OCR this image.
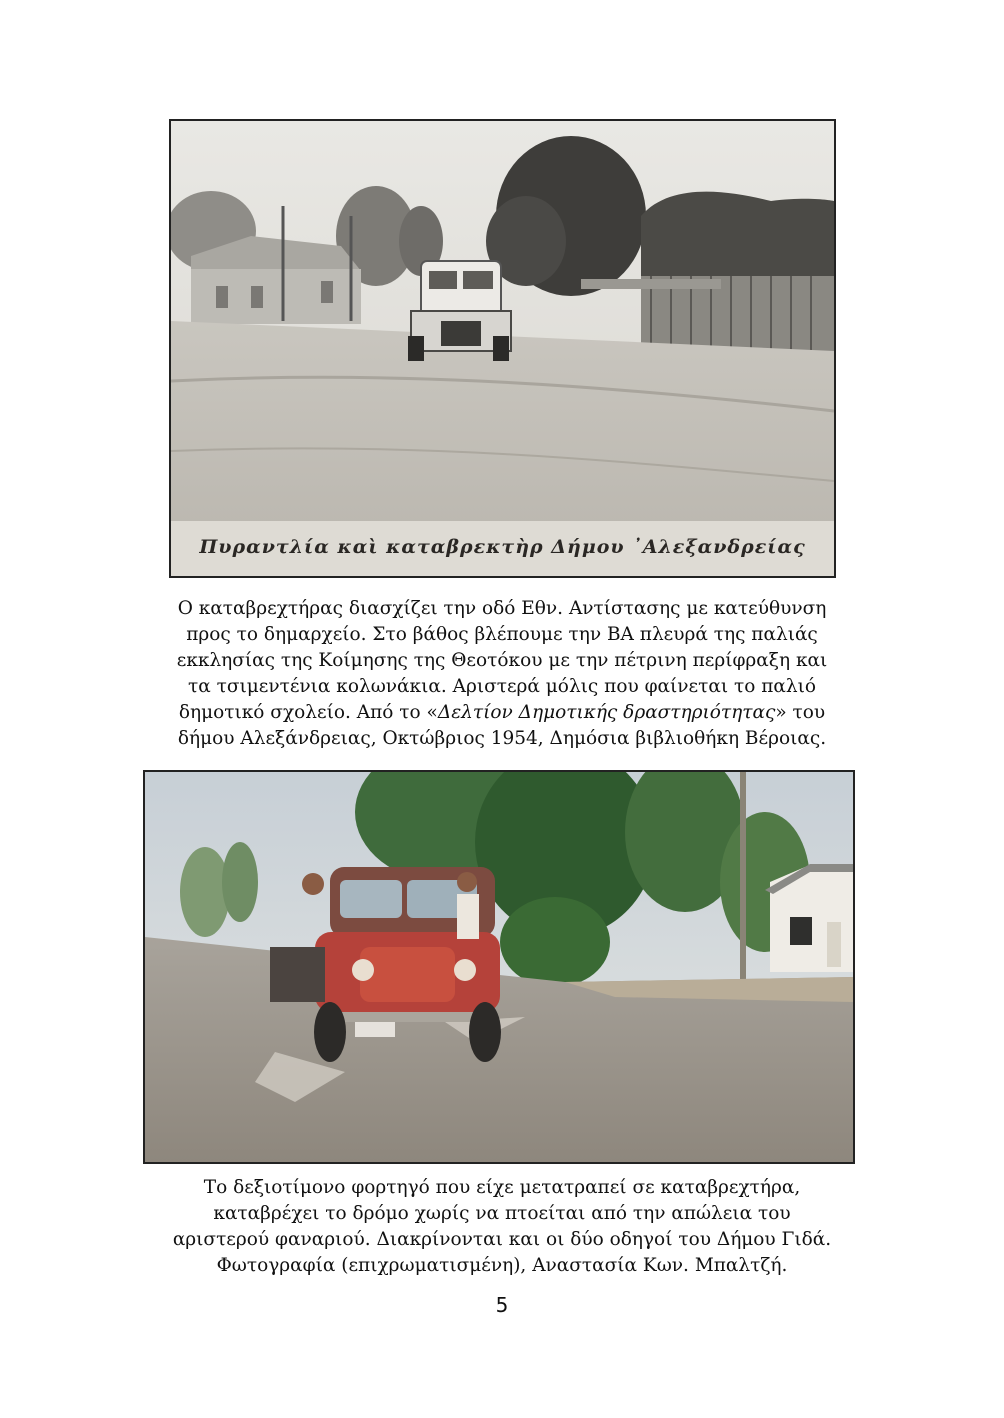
Πυραντλία καὶ καταβρεκτὴρ Δήμου ᾽Αλεξανδρείας

Ο καταβρεχτήρας διασχίζει την οδό Εθν. Αντίστασης με κατεύθυνση
προς το δημαρχείο. Στο βάθος βλέπουμε την ΒΑ πλευρά της παλιάς
εκκλησίας της Κοίμησης της Θεοτόκου με την πέτρινη περίφραξη και
τα τσιμεντένια κολωνάκια. Αριστερά μόλις που φαίνεται το παλιό
δημοτικό σχολείο. Από το «Δελτίον Δημοτικής δραστηριότητας» του
δήμου Αλεξάνδρειας, Οκτώβριος 1954, Δημόσια βιβλιοθήκη Βέροιας.

Το δεξιοτίμονο φορτηγό που είχε μετατραπεί σε καταβρεχτήρα,
καταβρέχει το δρόμο χωρίς να πτοείται από την απώλεια του
αριστερού φαναριού. Διακρίνονται και οι δύο οδηγοί του Δήμου Γιδά.
Φωτογραφία (επιχρωματισμένη), Αναστασία Κων. Μπαλτζή.

5
